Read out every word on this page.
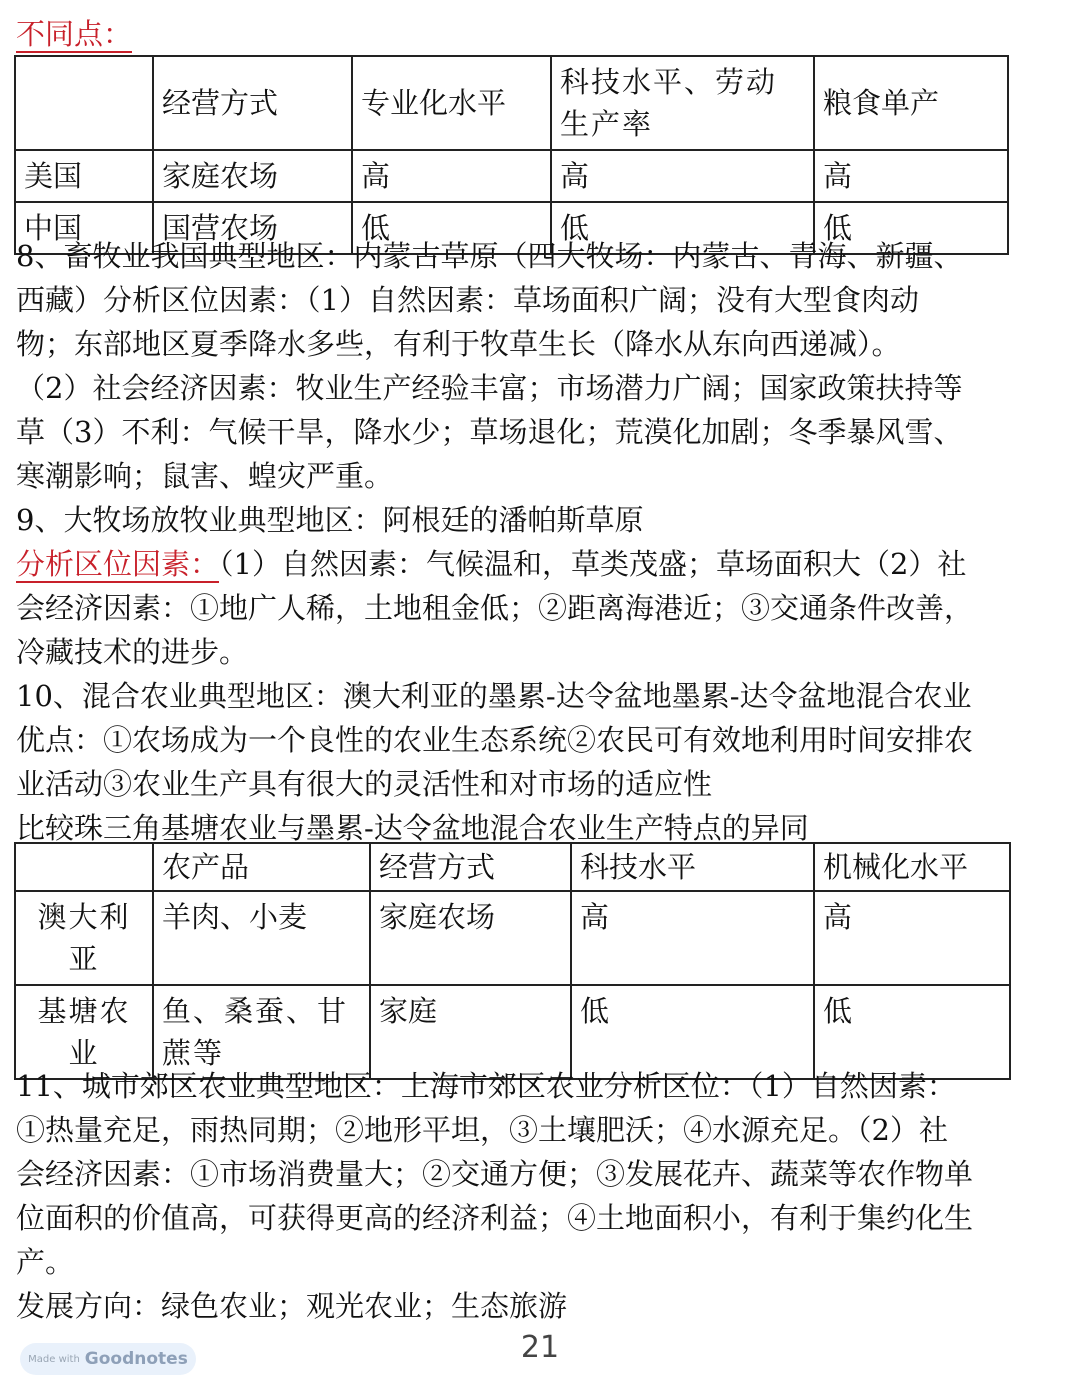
不同点：
	经营方式	专业化水平	科技水平、劳动生产率	粮食单产
美国	家庭农场	高	高	高
中国	国营农场	低	低	低
8、畜牧业我国典型地区：内蒙古草原（四大牧场：内蒙古、青海、新疆、
西藏）分析区位因素：（1）自然因素：草场面积广阔；没有大型食肉动
物；东部地区夏季降水多些，有利于牧草生长（降水从东向西递减）。
（2）社会经济因素：牧业生产经验丰富；市场潜力广阔；国家政策扶持等
草（3）不利：气候干旱，降水少；草场退化；荒漠化加剧；冬季暴风雪、
寒潮影响；鼠害、蝗灾严重。
9、大牧场放牧业典型地区：阿根廷的潘帕斯草原
分析区位因素：（1）自然因素：气候温和，草类茂盛；草场面积大（2）社
会经济因素：①地广人稀，土地租金低；②距离海港近；③交通条件改善，
冷藏技术的进步。
10、混合农业典型地区：澳大利亚的墨累-达令盆地墨累-达令盆地混合农业
优点：①农场成为一个良性的农业生态系统②农民可有效地利用时间安排农
业活动③农业生产具有很大的灵活性和对市场的适应性
比较珠三角基塘农业与墨累-达令盆地混合农业生产特点的异同
	农产品	经营方式	科技水平	机械化水平
澳大利亚	羊肉、小麦	家庭农场	高	高
基塘农业	鱼、桑蚕、甘蔗等	家庭	低	低
11、城市郊区农业典型地区：上海市郊区农业分析区位：（1）自然因素：
①热量充足，雨热同期；②地形平坦，③土壤肥沃；④水源充足。（2）社
会经济因素：①市场消费量大；②交通方便；③发展花卉、蔬菜等农作物单
位面积的价值高，可获得更高的经济利益；④土地面积小，有利于集约化生
产。
发展方向：绿色农业；观光农业；生态旅游
Made with Goodnotes	21
